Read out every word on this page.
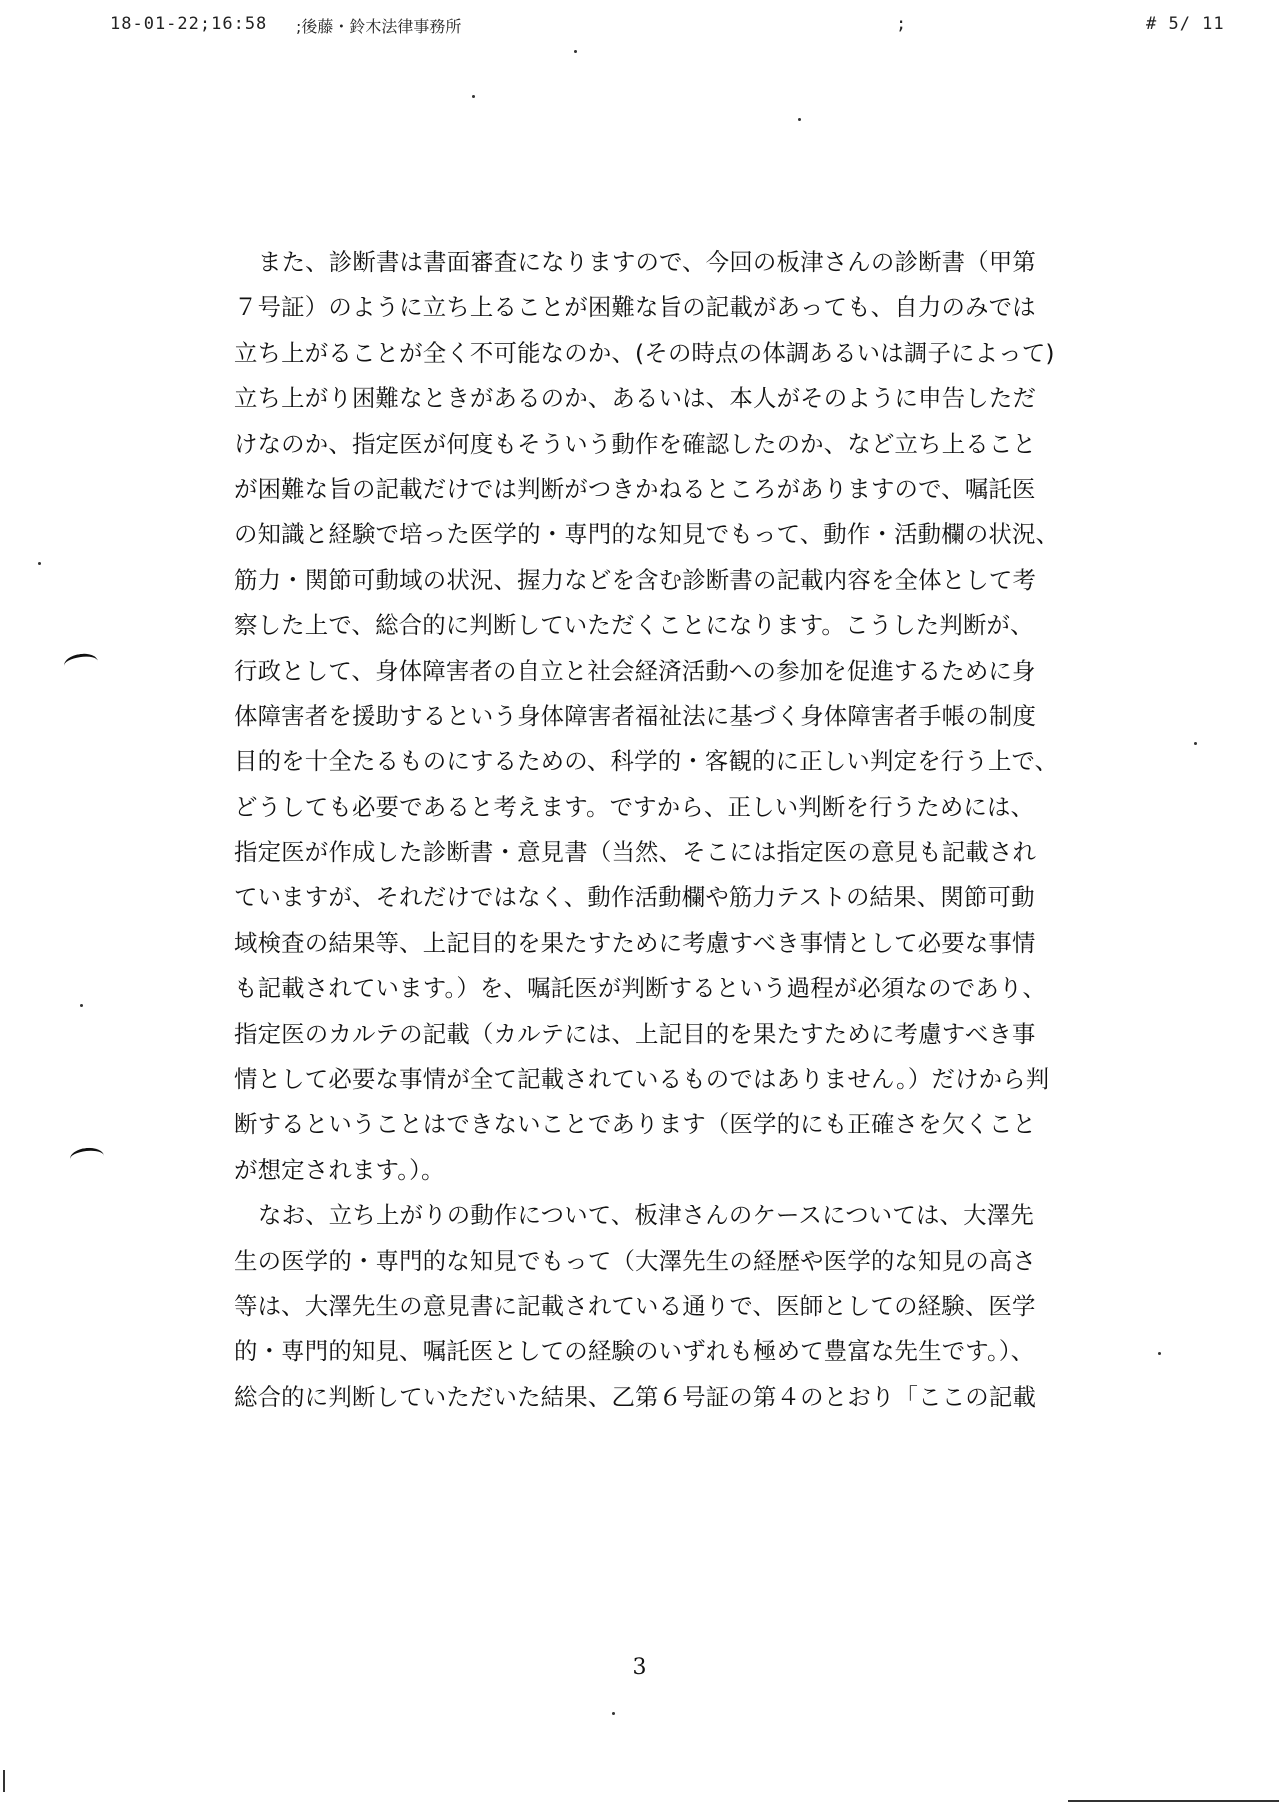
18-01-22;16:58 ;後藤・鈴木法律事務所	;	# 5/ 11
また、診断書は書面審査になりますので、今回の板津さんの診断書（甲第
７号証）のように立ち上ることが困難な旨の記載があっても、自力のみでは
立ち上がることが全く不可能なのか、(その時点の体調あるいは調子によって)
立ち上がり困難なときがあるのか、あるいは、本人がそのように申告しただ
けなのか、指定医が何度もそういう動作を確認したのか、など立ち上ること
が困難な旨の記載だけでは判断がつきかねるところがありますので、嘱託医
の知識と経験で培った医学的・専門的な知見でもって、動作・活動欄の状況、
筋力・関節可動域の状況、握力などを含む診断書の記載内容を全体として考
察した上で、総合的に判断していただくことになります。こうした判断が、
行政として、身体障害者の自立と社会経済活動への参加を促進するために身
体障害者を援助するという身体障害者福祉法に基づく身体障害者手帳の制度
目的を十全たるものにするための、科学的・客観的に正しい判定を行う上で、
どうしても必要であると考えます。ですから、正しい判断を行うためには、
指定医が作成した診断書・意見書（当然、そこには指定医の意見も記載され
ていますが、それだけではなく、動作活動欄や筋力テストの結果、関節可動
域検査の結果等、上記目的を果たすために考慮すべき事情として必要な事情
も記載されています。）を、嘱託医が判断するという過程が必須なのであり、
指定医のカルテの記載（カルテには、上記目的を果たすために考慮すべき事
情として必要な事情が全て記載されているものではありません。）だけから判
断するということはできないことであります（医学的にも正確さを欠くこと
が想定されます。）。
なお、立ち上がりの動作について、板津さんのケースについては、大澤先
生の医学的・専門的な知見でもって（大澤先生の経歴や医学的な知見の高さ
等は、大澤先生の意見書に記載されている通りで、医師としての経験、医学
的・専門的知見、嘱託医としての経験のいずれも極めて豊富な先生です。）、
総合的に判断していただいた結果、乙第６号証の第４のとおり「ここの記載
3
